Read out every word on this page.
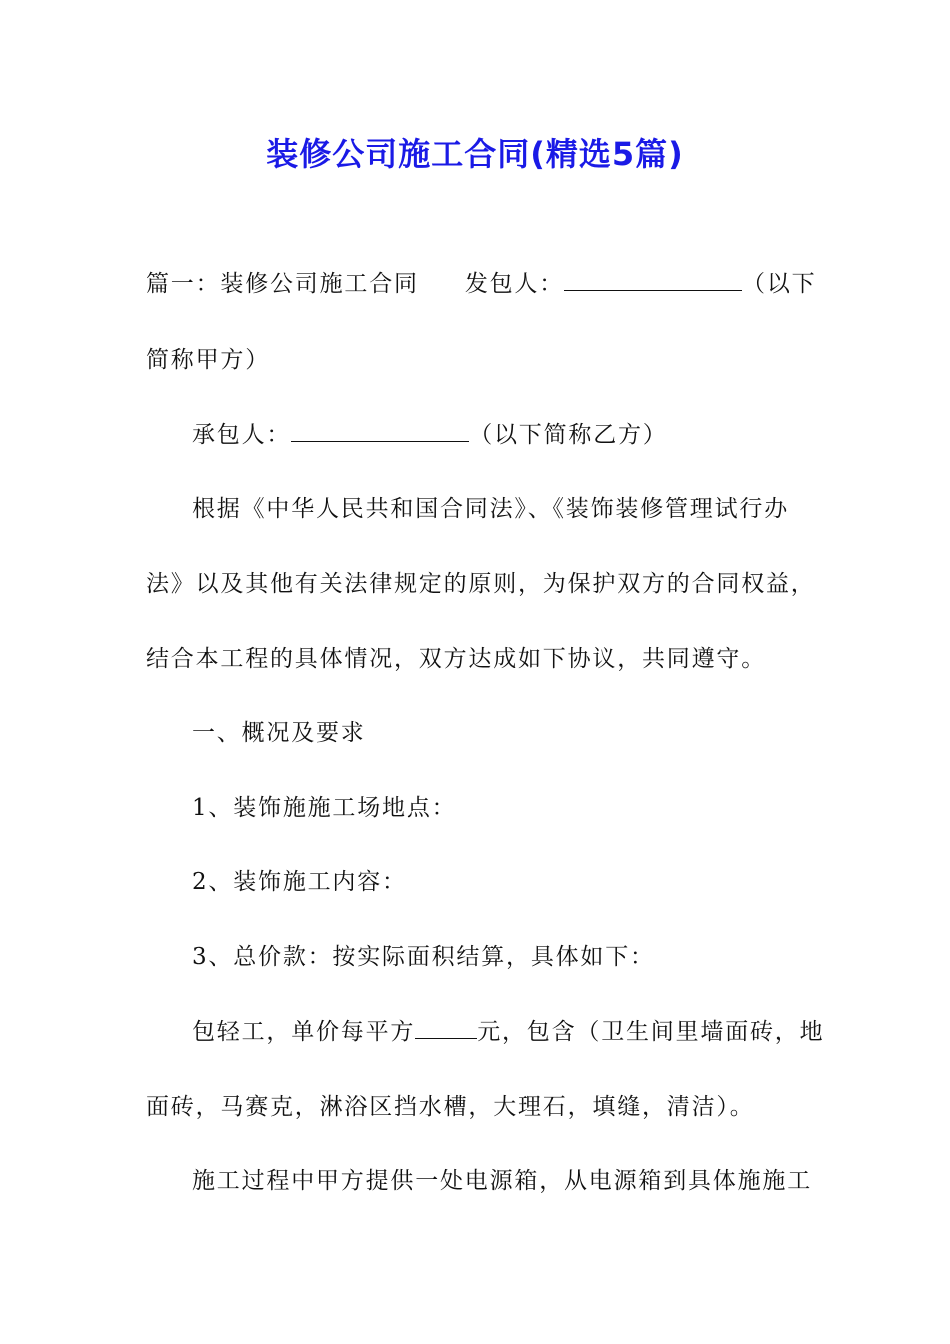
装修公司施工合同(精选5篇)
篇一：装修公司施工合同 发包人：	（以下
简称甲方）
承包人：	（以下简称乙方）
根据《中华人民共和国合同法》、《装饰装修管理试行办
法》以及其他有关法律规定的原则，为保护双方的合同权益，
结合本工程的具体情况，双方达成如下协议，共同遵守。
一、概况及要求
1、装饰施施工场地点：
2、装饰施工内容：
3、总价款：按实际面积结算，具体如下：
包轻工，单价每平方	元，包含（卫生间里墙面砖，地
面砖，马赛克，淋浴区挡水槽，大理石，填缝，清洁）。
施工过程中甲方提供一处电源箱，从电源箱到具体施施工
